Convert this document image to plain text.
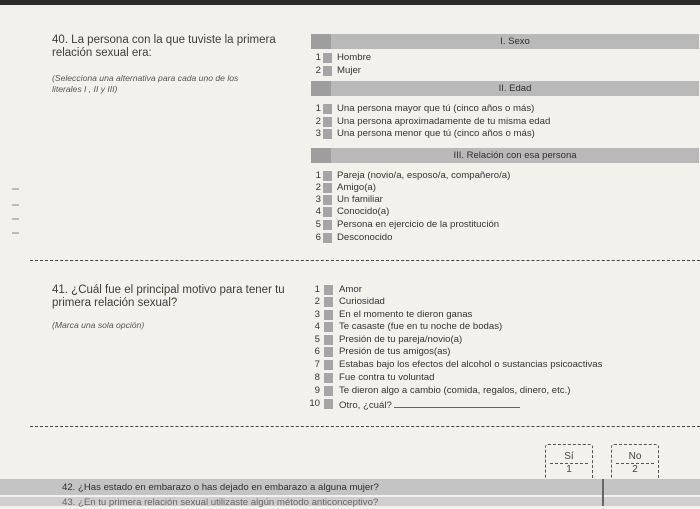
40. La persona con la que tuviste la primera
relación sexual era:
(Selecciona una alternativa para cada uno de los
literales I , II y III)
I. Sexo
1 Hombre
2 Mujer
II. Edad
1 Una persona mayor que tú (cinco años o más)
2 Una persona aproximadamente de tu misma edad
3 Una persona menor que tú (cinco años o más)
III. Relación con esa persona
1 Pareja (novio/a, esposo/a, compañero/a)
2 Amigo(a)
3 Un familiar
4 Conocido(a)
5 Persona en ejercicio de la prostitución
6 Desconocido
41. ¿Cuál fue el principal motivo para tener tu
primera relación sexual?
(Marca una sola opción)
1 Amor
2 Curiosidad
3 En el momento te dieron ganas
4 Te casaste (fue en tu noche de bodas)
5 Presión de tu pareja/novio(a)
6 Presión de tus amigos(as)
7 Estabas bajo los efectos del alcohol o sustancias psicoactivas
8 Fue contra tu voluntad
9 Te dieron algo a cambio (comida, regalos, dinero, etc.)
10 Otro, ¿cuál?
Sí
1
No
2
42. ¿Has estado en embarazo o has dejado en embarazo a alguna mujer?
43. ¿En tu primera relación sexual utilizaste algún método anticonceptivo?
